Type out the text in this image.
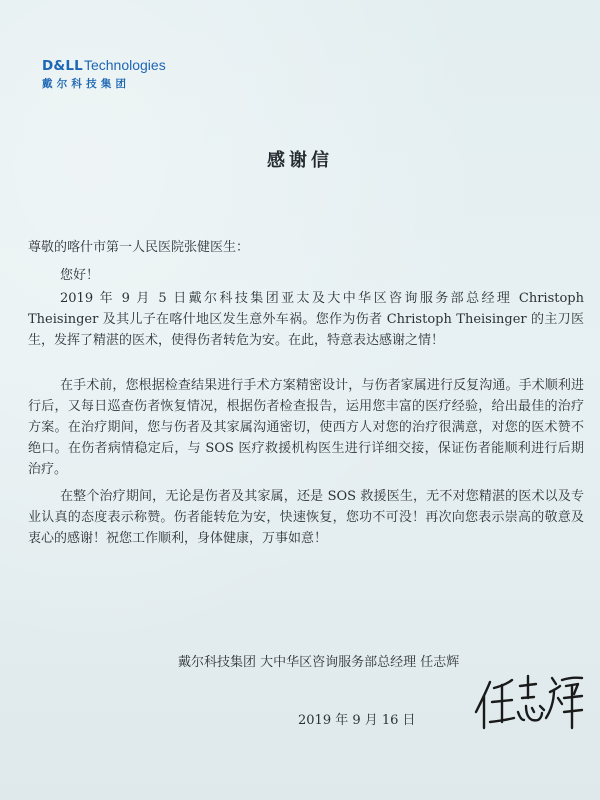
D&LL Technologies
戴尔科技集团
感谢信
尊敬的喀什市第一人民医院张健医生：
您好！
2019 年 9 月 5 日戴尔科技集团亚太及大中华区咨询服务部总经理 Christoph Theisinger 及其儿子在喀什地区发生意外车祸。您作为伤者 Christoph Theisinger 的主刀医生，发挥了精湛的医术，使得伤者转危为安。在此，特意表达感谢之情！
在手术前，您根据检查结果进行手术方案精密设计，与伤者家属进行反复沟通。手术顺利进行后，又每日巡查伤者恢复情况，根据伤者检查报告，运用您丰富的医疗经验，给出最佳的治疗方案。在治疗期间，您与伤者及其家属沟通密切，使西方人对您的治疗很满意，对您的医术赞不绝口。在伤者病情稳定后，与 SOS 医疗救援机构医生进行详细交接，保证伤者能顺利进行后期治疗。
在整个治疗期间，无论是伤者及其家属，还是 SOS 救援医生，无不对您精湛的医术以及专业认真的态度表示称赞。伤者能转危为安，快速恢复，您功不可没！再次向您表示崇高的敬意及衷心的感谢！祝您工作顺利，身体健康，万事如意！
戴尔科技集团 大中华区咨询服务部总经理 任志辉
2019 年 9 月 16 日
